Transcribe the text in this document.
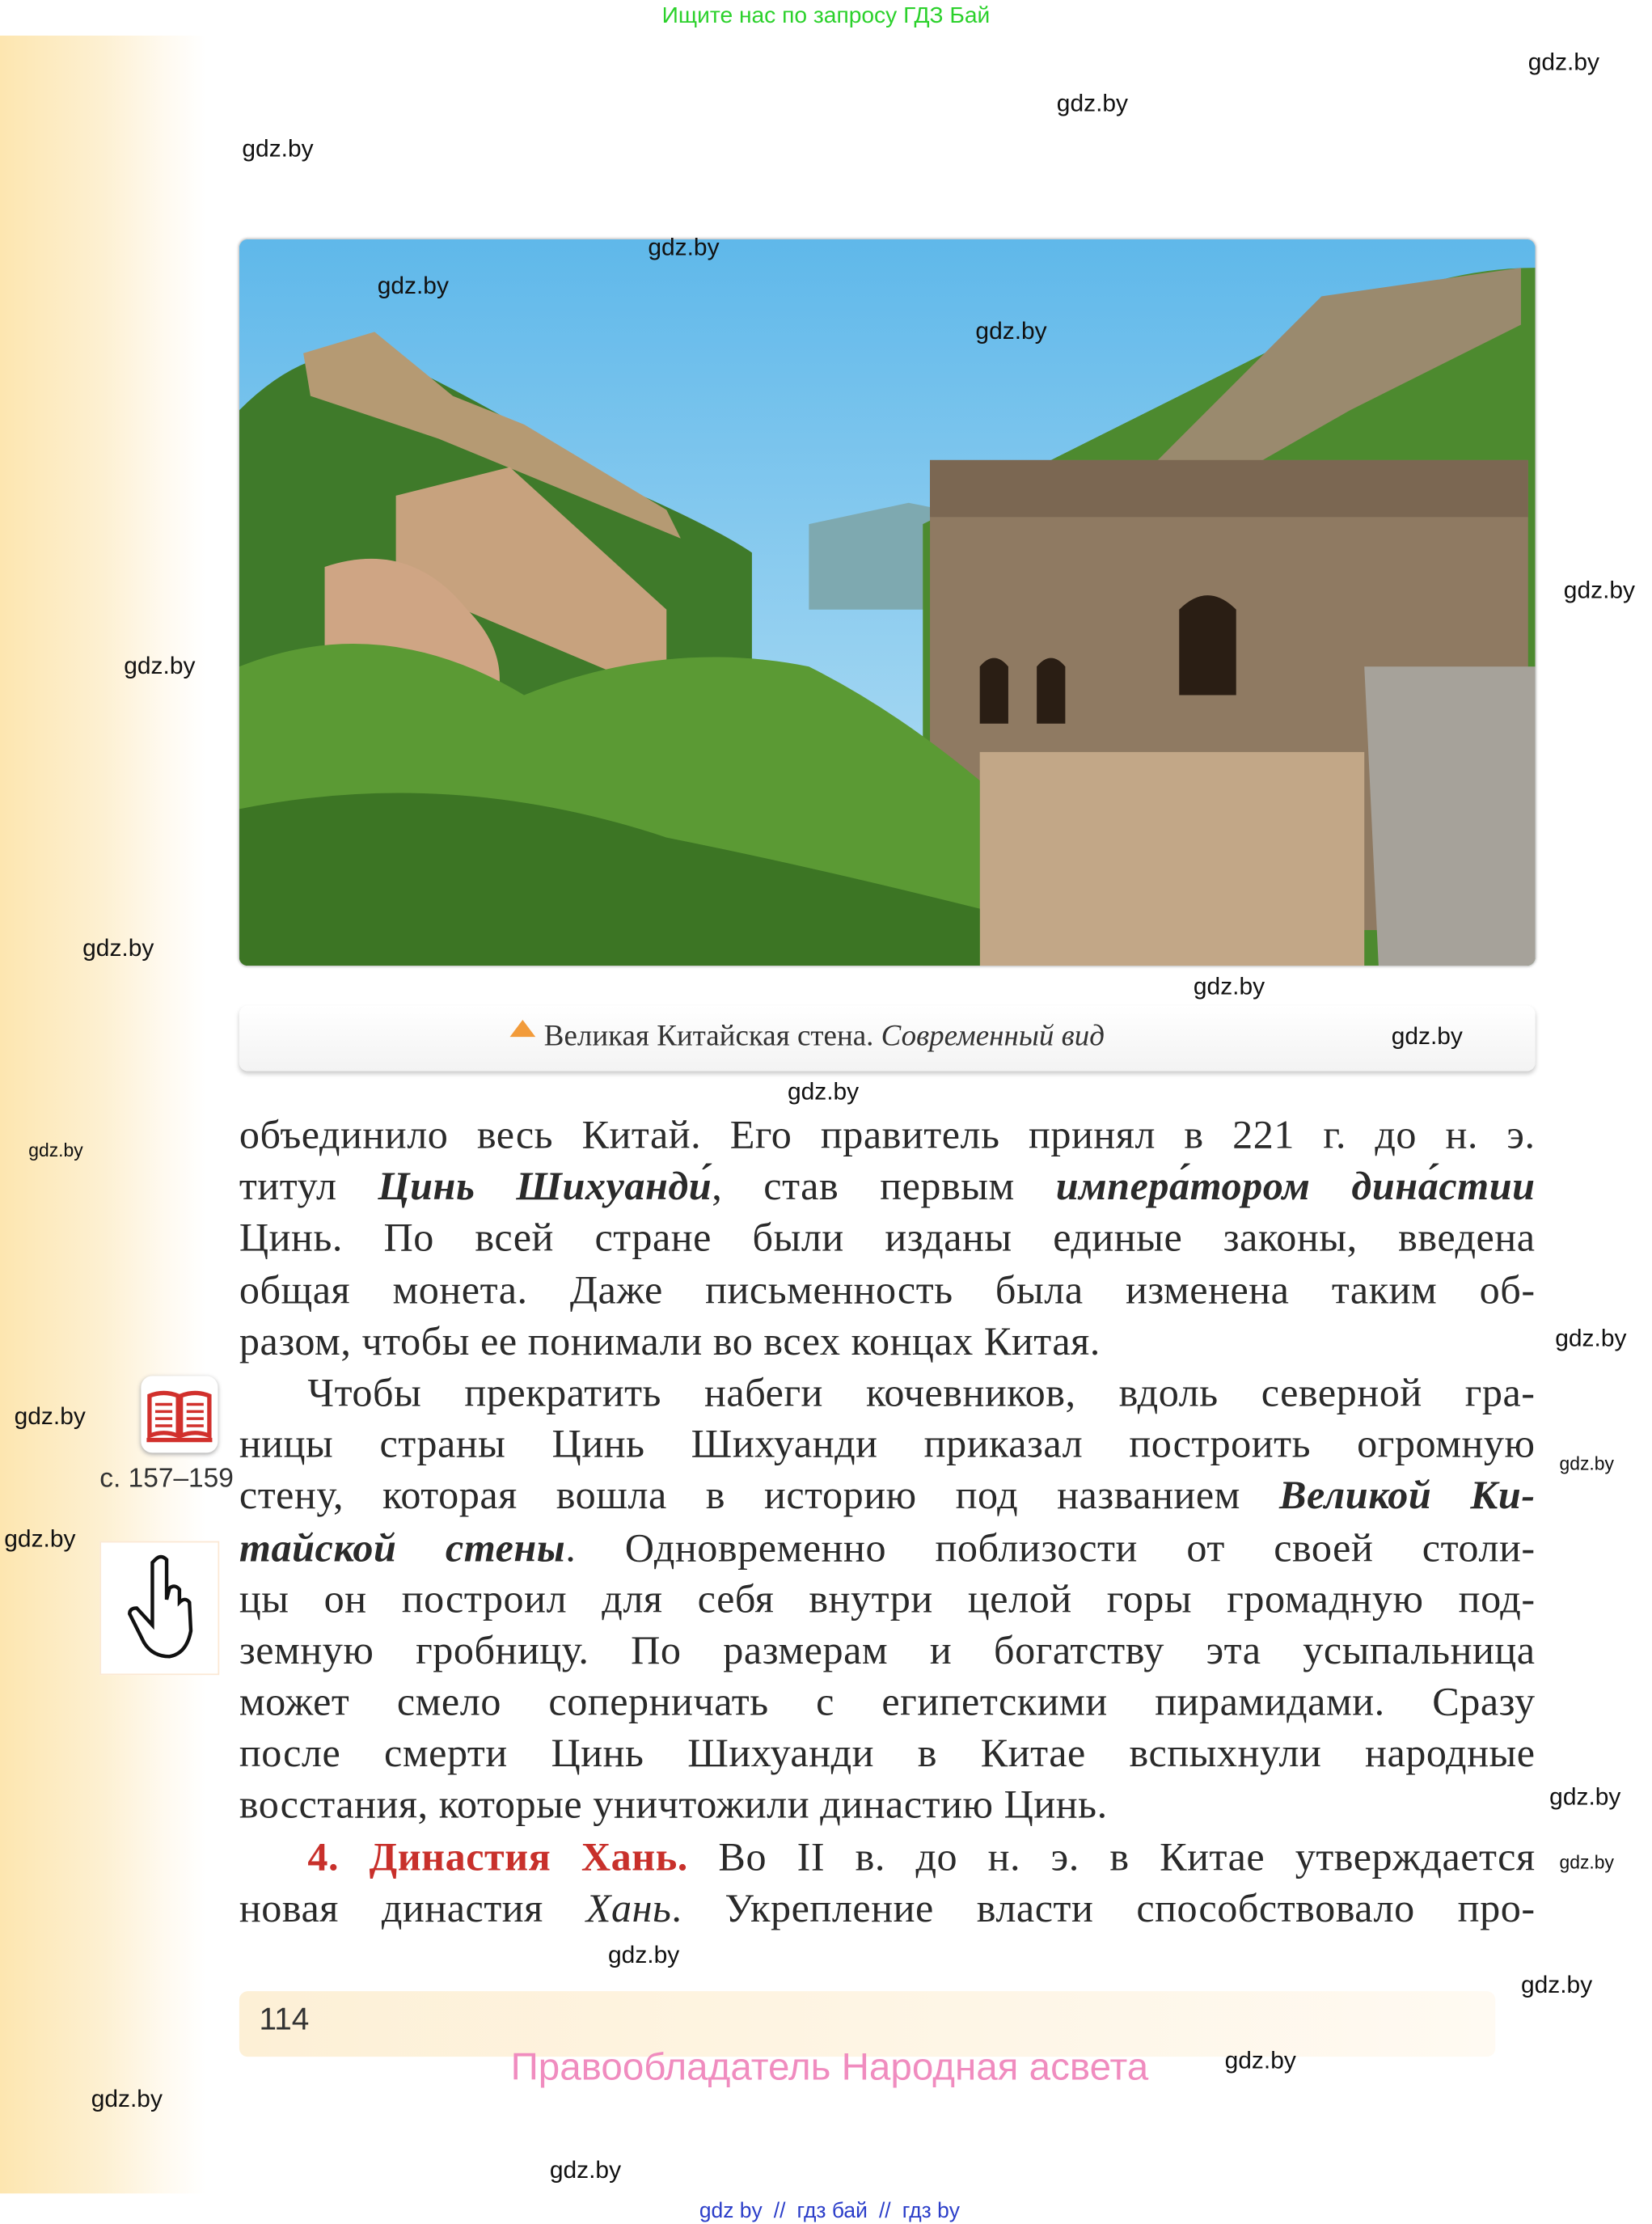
Ищите нас по запросу ГДЗ Бай
Великая Китайская стена. Современный вид
объединило весь Китай. Его правитель принял в 221 г. до н. э.
титул Цинь Шихуанди́, став первым импера́тором дина́стии
Цинь. По всей стране были изданы единые законы, введена
общая монета. Даже письменность была изменена таким об-
разом, чтобы ее понимали во всех концах Китая.
Чтобы прекратить набеги кочевников, вдоль северной гра-
ницы страны Цинь Шихуанди приказал построить огромную
стену, которая вошла в историю под названием Великой Ки-
тайской стены. Одновременно поблизости от своей столи-
цы он построил для себя внутри целой горы громадную под-
земную гробницу. По размерам и богатству эта усыпальница
может смело соперничать с египетскими пирамидами. Сразу
после смерти Цинь Шихуанди в Китае вспыхнули народные
восстания, которые уничтожили династию Цинь.
4. Династия Хань. Во II в. до н. э. в Китае утверждается
новая династия Хань. Укрепление власти способствовало про-
с. 157–159
114
Правообладатель Народная асвета
gdz by // гдз бай // гдз by
gdz.by
gdz.by
gdz.by
gdz.by
gdz.by
gdz.by
gdz.by
gdz.by
gdz.by
gdz.by
gdz.by
gdz.by
gdz.by
gdz.by
gdz.by
gdz.by
gdz.by
gdz.by
gdz.by
gdz.by
gdz.by
gdz.by
gdz.by
gdz.by
